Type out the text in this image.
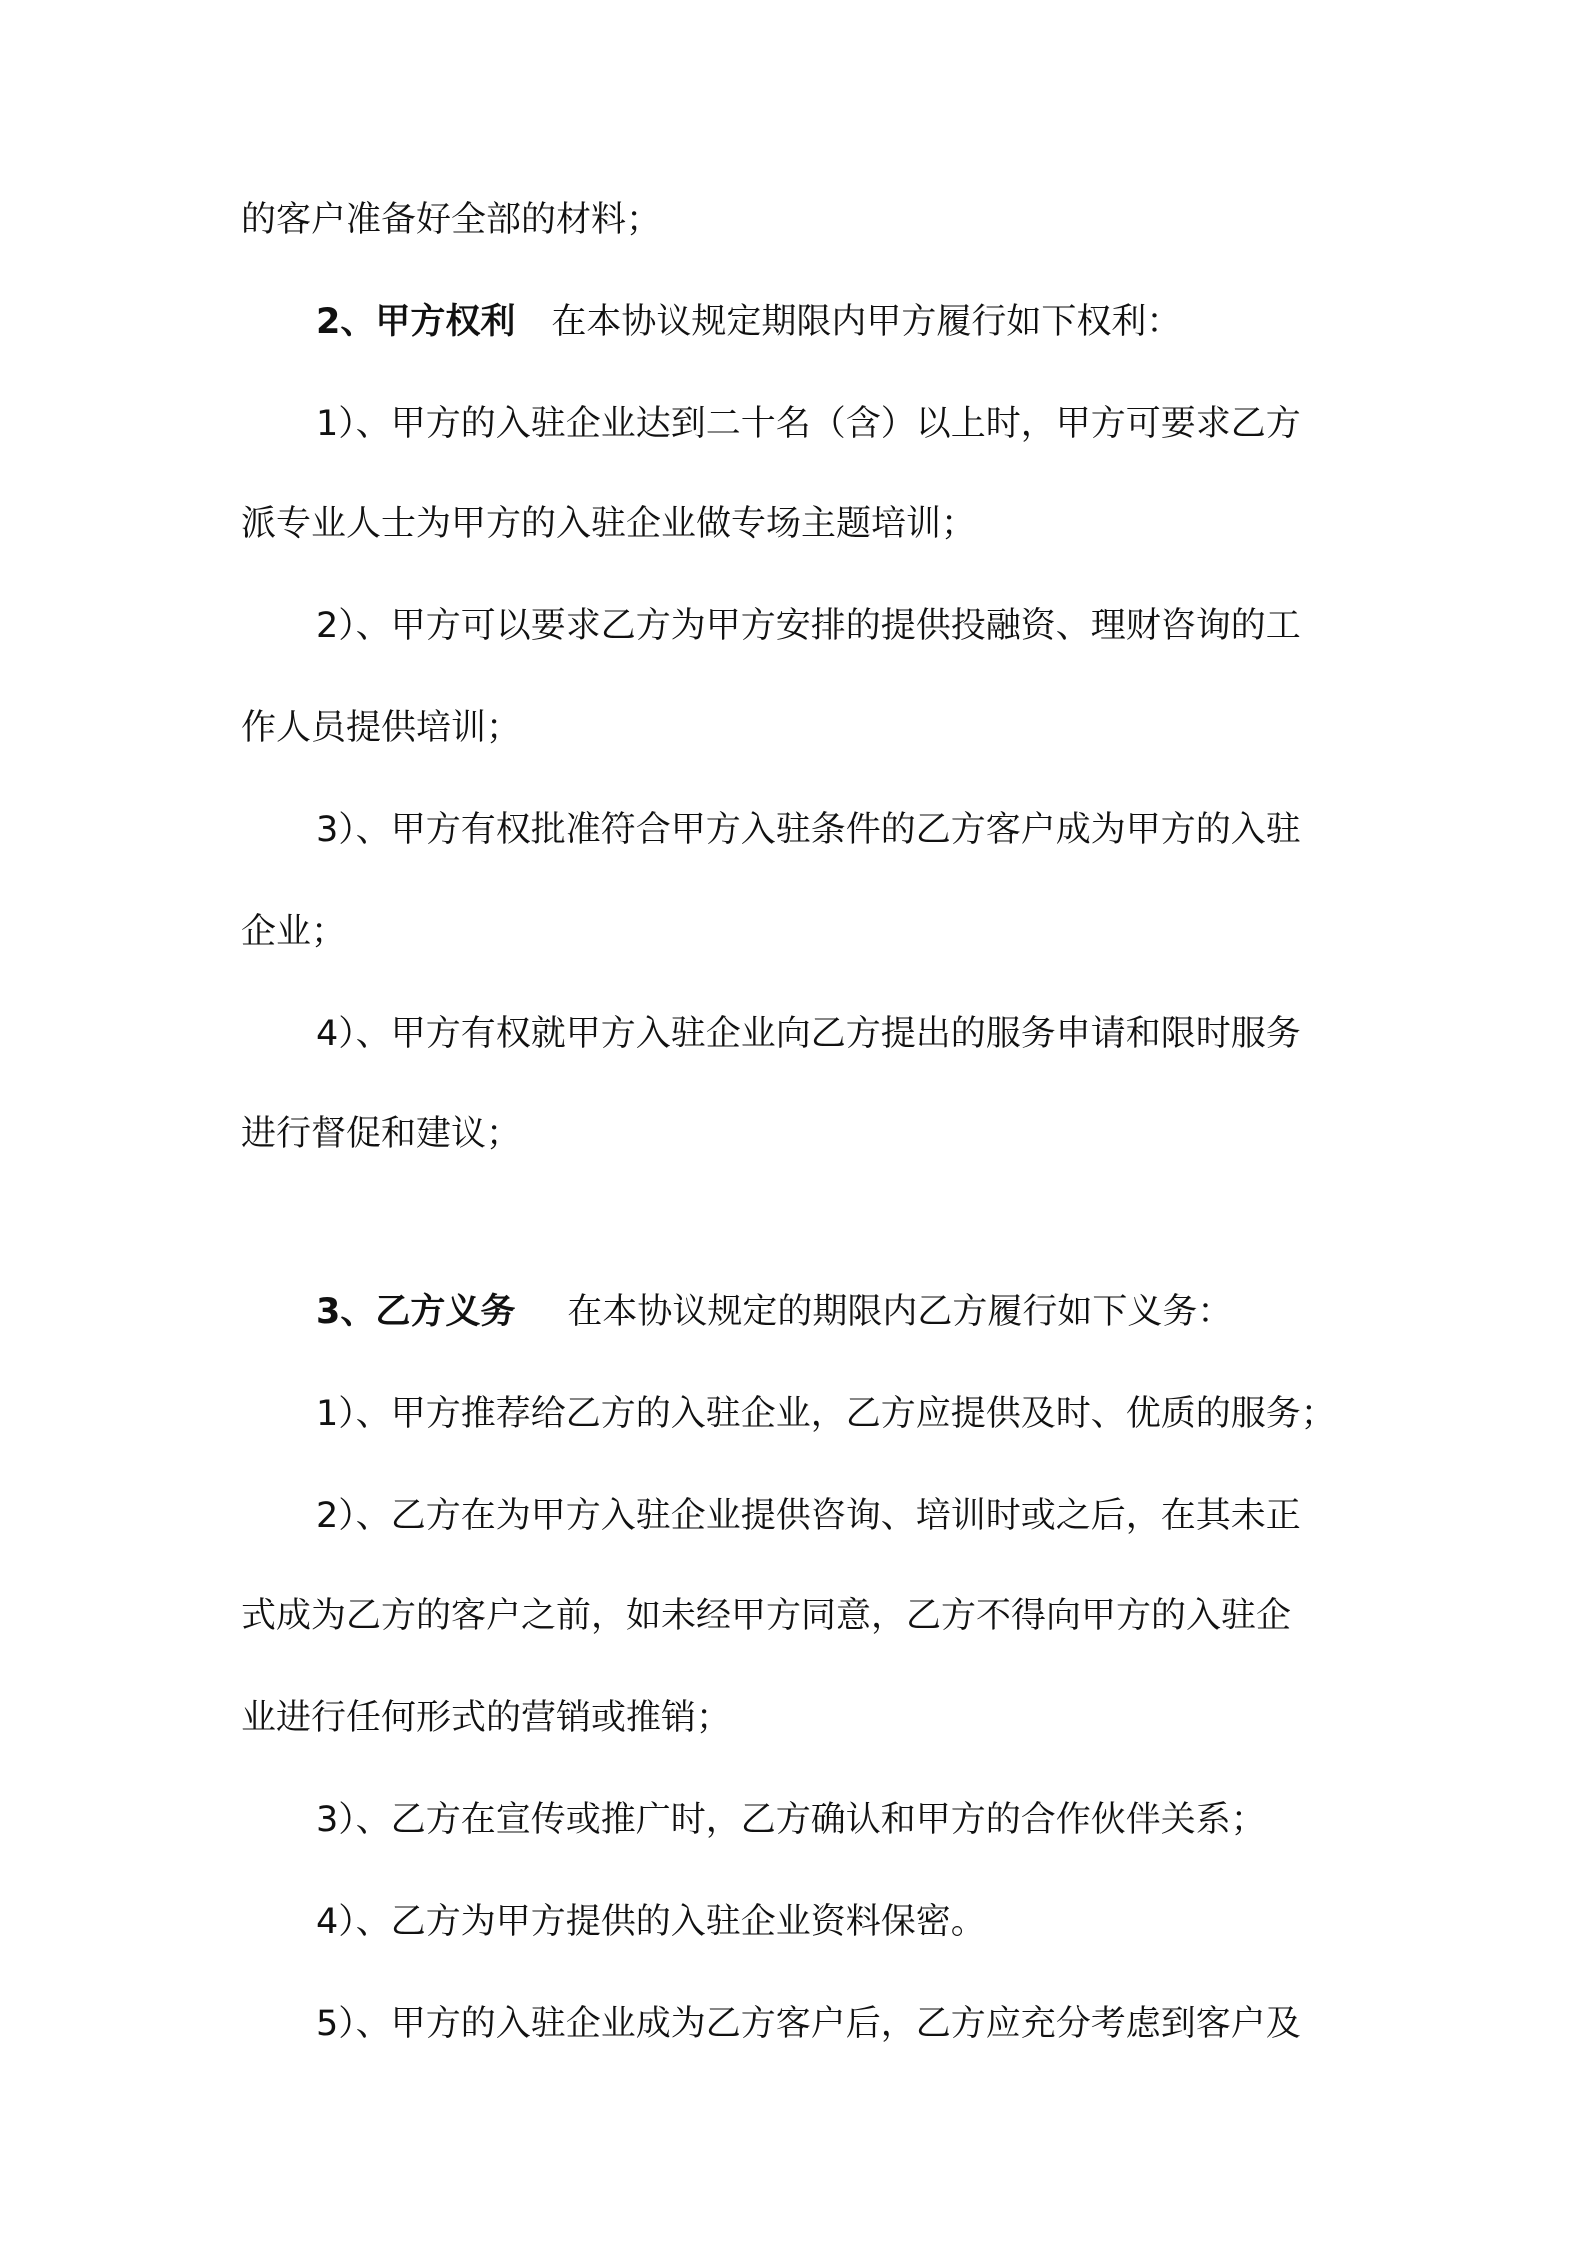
的客户准备好全部的材料；
2、甲方权利 在本协议规定期限内甲方履行如下权利：
1）、甲方的入驻企业达到二十名（含）以上时，甲方可要求乙方
派专业人士为甲方的入驻企业做专场主题培训；
2）、甲方可以要求乙方为甲方安排的提供投融资、理财咨询的工
作人员提供培训；
3）、甲方有权批准符合甲方入驻条件的乙方客户成为甲方的入驻
企业；
4）、甲方有权就甲方入驻企业向乙方提出的服务申请和限时服务
进行督促和建议；
3、乙方义务 在本协议规定的期限内乙方履行如下义务：
1）、甲方推荐给乙方的入驻企业，乙方应提供及时、优质的服务；
2）、乙方在为甲方入驻企业提供咨询、培训时或之后，在其未正
式成为乙方的客户之前，如未经甲方同意，乙方不得向甲方的入驻企
业进行任何形式的营销或推销；
3）、乙方在宣传或推广时，乙方确认和甲方的合作伙伴关系；
4）、乙方为甲方提供的入驻企业资料保密。
5）、甲方的入驻企业成为乙方客户后，乙方应充分考虑到客户及
